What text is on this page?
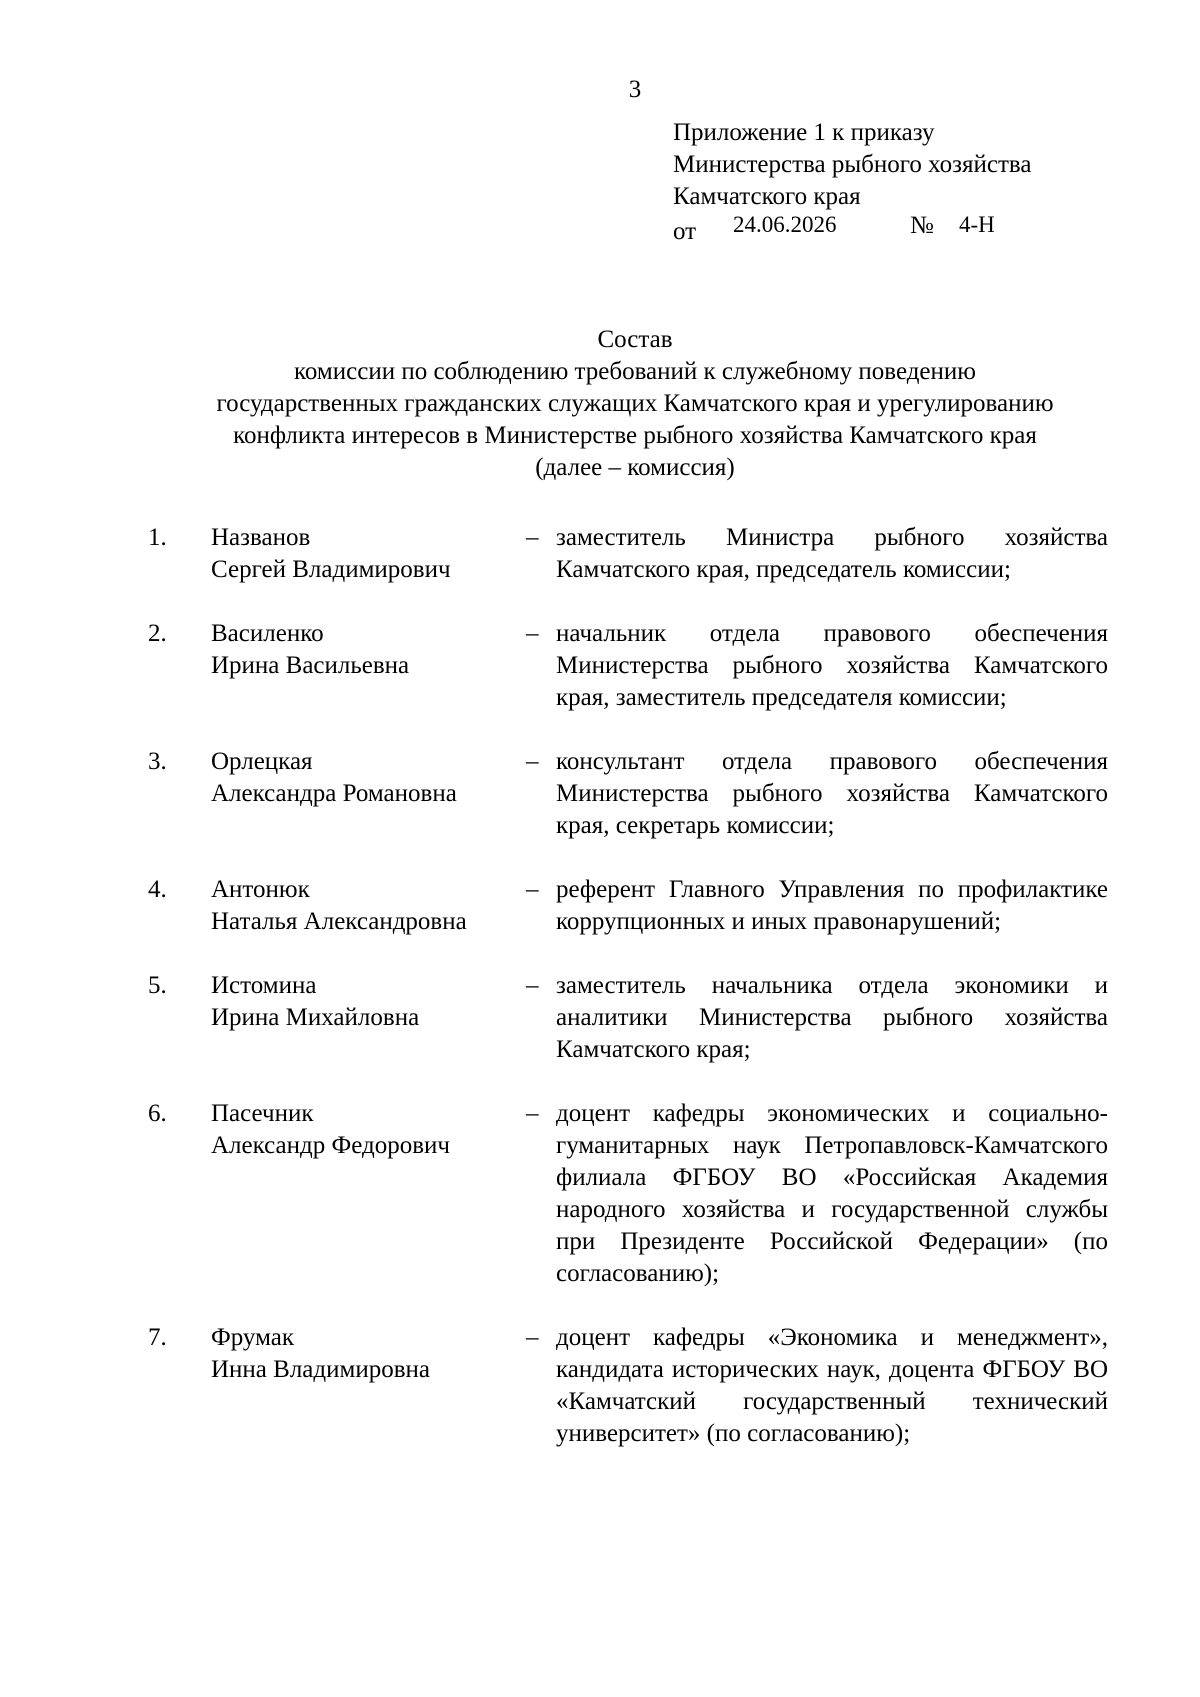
3
Приложение 1 к приказу
Министерства рыбного хозяйства
Камчатского края
от 24.06.2026	№ 4-Н
Состав
комиссии по соблюдению требований к служебному поведению
государственных гражданских служащих Камчатского края и урегулированию
конфликта интересов в Министерстве рыбного хозяйства Камчатского края
(далее – комиссия)
1. Названов
Сергей Владимирович
– заместитель Министра рыбного хозяйства Камчатского края, председатель комиссии;
2. Василенко
Ирина Васильевна
– начальник отдела правового обеспечения Министерства рыбного хозяйства Камчатского края, заместитель председателя комиссии;
3. Орлецкая
Александра Романовна
– консультант отдела правового обеспечения Министерства рыбного хозяйства Камчатского края, секретарь комиссии;
4. Антонюк
Наталья Александровна
– референт Главного Управления по профилактике коррупционных и иных правонарушений;
5. Истомина
Ирина Михайловна
– заместитель начальника отдела экономики и аналитики Министерства рыбного хозяйства Камчатского края;
6. Пасечник
Александр Федорович
– доцент кафедры экономических и социально-гуманитарных наук Петропавловск-Камчатского филиала ФГБОУ ВО «Российская Академия народного хозяйства и государственной службы при Президенте Российской Федерации» (по согласованию);
7. Фрумак
Инна Владимировна
– доцент кафедры «Экономика и менеджмент», кандидата исторических наук, доцента ФГБОУ ВО «Камчатский государственный технический университет» (по согласованию);
